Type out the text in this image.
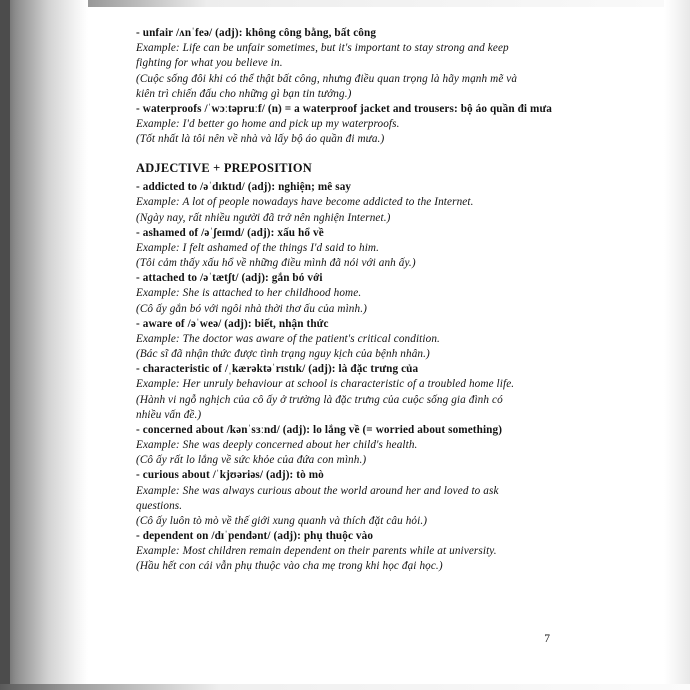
- unfair /ʌnˈfeə/ (adj): không công bằng, bất công
Example: Life can be unfair sometimes, but it's important to stay strong and keep
fighting for what you believe in.
(Cuộc sống đôi khi có thể thật bất công, nhưng điều quan trọng là hãy mạnh mẽ và
kiên trì chiến đấu cho những gì bạn tin tưởng.)
- waterproofs /ˈwɔːtəpruːf/ (n) = a waterproof jacket and trousers: bộ áo quần đi mưa
Example: I'd better go home and pick up my waterproofs.
(Tốt nhất là tôi nên về nhà và lấy bộ áo quần đi mưa.)
ADJECTIVE + PREPOSITION
- addicted to /əˈdɪktɪd/ (adj): nghiện; mê say
Example: A lot of people nowadays have become addicted to the Internet.
(Ngày nay, rất nhiều người đã trở nên nghiện Internet.)
- ashamed of /əˈʃeɪmd/ (adj): xấu hổ về
Example: I felt ashamed of the things I'd said to him.
(Tôi cảm thấy xấu hổ về những điều mình đã nói với anh ấy.)
- attached to /əˈtætʃt/ (adj): gắn bó với
Example: She is attached to her childhood home.
(Cô ấy gắn bó với ngôi nhà thời thơ ấu của mình.)
- aware of /əˈweə/ (adj): biết, nhận thức
Example: The doctor was aware of the patient's critical condition.
(Bác sĩ đã nhận thức được tình trạng nguy kịch của bệnh nhân.)
- characteristic of /ˌkærəktəˈrɪstɪk/ (adj): là đặc trưng của
Example: Her unruly behaviour at school is characteristic of a troubled home life.
(Hành vi ngỗ nghịch của cô ấy ở trường là đặc trưng của cuộc sống gia đình có
nhiều vấn đề.)
- concerned about /kənˈsɜːnd/ (adj): lo lắng về (= worried about something)
Example: She was deeply concerned about her child's health.
(Cô ấy rất lo lắng về sức khỏe của đứa con mình.)
- curious about /ˈkjʊəriəs/ (adj): tò mò
Example: She was always curious about the world around her and loved to ask
questions.
(Cô ấy luôn tò mò về thế giới xung quanh và thích đặt câu hỏi.)
- dependent on /dɪˈpendənt/ (adj): phụ thuộc vào
Example: Most children remain dependent on their parents while at university.
(Hầu hết con cái vẫn phụ thuộc vào cha mẹ trong khi học đại học.)
7
